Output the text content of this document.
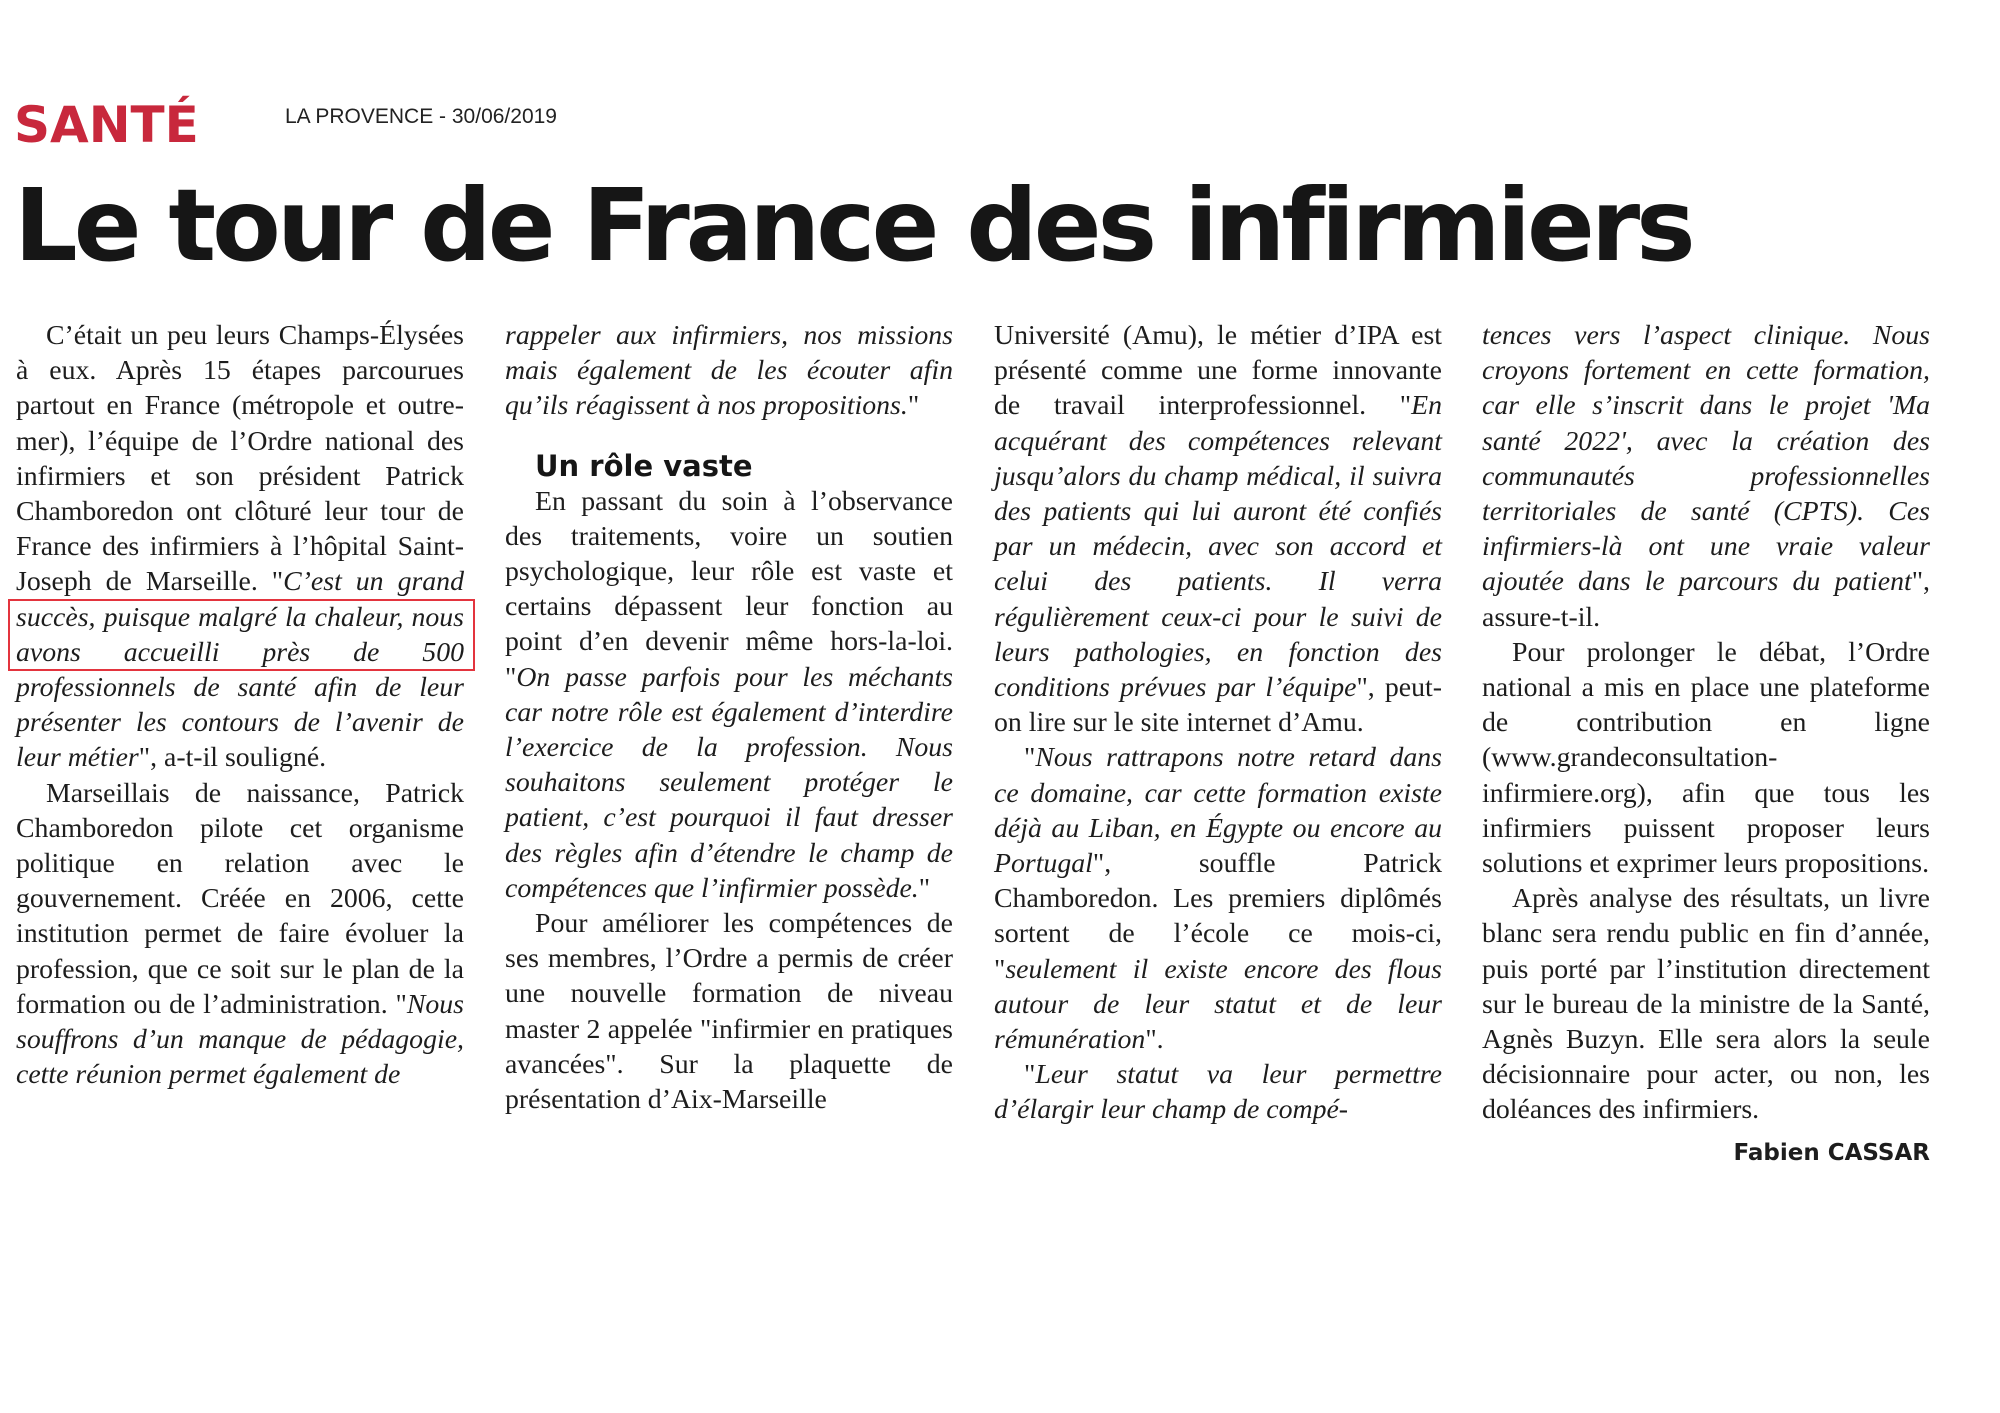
SANTÉ	LA PROVENCE - 30/06/2019
Le tour de France des infirmiers

C’était un peu leurs Champs-Élysées à eux. Après 15 étapes parcourues partout en France (métropole et outre-mer), l’équipe de l’Ordre national des infirmiers et son président Patrick Chamboredon ont clôturé leur tour de France des infirmiers à l’hôpital Saint-Joseph de Marseille. "C’est un grand succès, puisque malgré la chaleur, nous avons accueilli près de 500 professionnels de santé afin de leur présenter les contours de l’avenir de leur métier", a-t-il souligné.

Marseillais de naissance, Patrick Chamboredon pilote cet organisme politique en relation avec le gouvernement. Créée en 2006, cette institution permet de faire évoluer la profession, que ce soit sur le plan de la formation ou de l’administration. "Nous souffrons d’un manque de pédagogie, cette réunion permet également de

rappeler aux infirmiers, nos missions mais également de les écouter afin qu’ils réagissent à nos propositions."

Un rôle vaste

En passant du soin à l’observance des traitements, voire un soutien psychologique, leur rôle est vaste et certains dépassent leur fonction au point d’en devenir même hors-la-loi. "On passe parfois pour les méchants car notre rôle est également d’interdire l’exercice de la profession. Nous souhaitons seulement protéger le patient, c’est pourquoi il faut dresser des règles afin d’étendre le champ de compétences que l’infirmier possède."

Pour améliorer les compétences de ses membres, l’Ordre a permis de créer une nouvelle formation de niveau master 2 appelée "infirmier en pratiques avancées". Sur la plaquette de présentation d’Aix-Marseille

Université (Amu), le métier d’IPA est présenté comme une forme innovante de travail interprofessionnel. "En acquérant des compétences relevant jusqu’alors du champ médical, il suivra des patients qui lui auront été confiés par un médecin, avec son accord et celui des patients. Il verra régulièrement ceux-ci pour le suivi de leurs pathologies, en fonction des conditions prévues par l’équipe", peut-on lire sur le site internet d’Amu.

"Nous rattrapons notre retard dans ce domaine, car cette formation existe déjà au Liban, en Égypte ou encore au Portugal", souffle Patrick Chamboredon. Les premiers diplômés sortent de l’école ce mois-ci, "seulement il existe encore des flous autour de leur statut et de leur rémunération".

"Leur statut va leur permettre d’élargir leur champ de compé-

tences vers l’aspect clinique. Nous croyons fortement en cette formation, car elle s’inscrit dans le projet 'Ma santé 2022', avec la création des communautés professionnelles territoriales de santé (CPTS). Ces infirmiers-là ont une vraie valeur ajoutée dans le parcours du patient", assure-t-il.

Pour prolonger le débat, l’Ordre national a mis en place une plateforme de contribution en ligne (www.grandeconsultation-infirmiere.org), afin que tous les infirmiers puissent proposer leurs solutions et exprimer leurs propositions.

Après analyse des résultats, un livre blanc sera rendu public en fin d’année, puis porté par l’institution directement sur le bureau de la ministre de la Santé, Agnès Buzyn. Elle sera alors la seule décisionnaire pour acter, ou non, les doléances des infirmiers.

Fabien CASSAR
